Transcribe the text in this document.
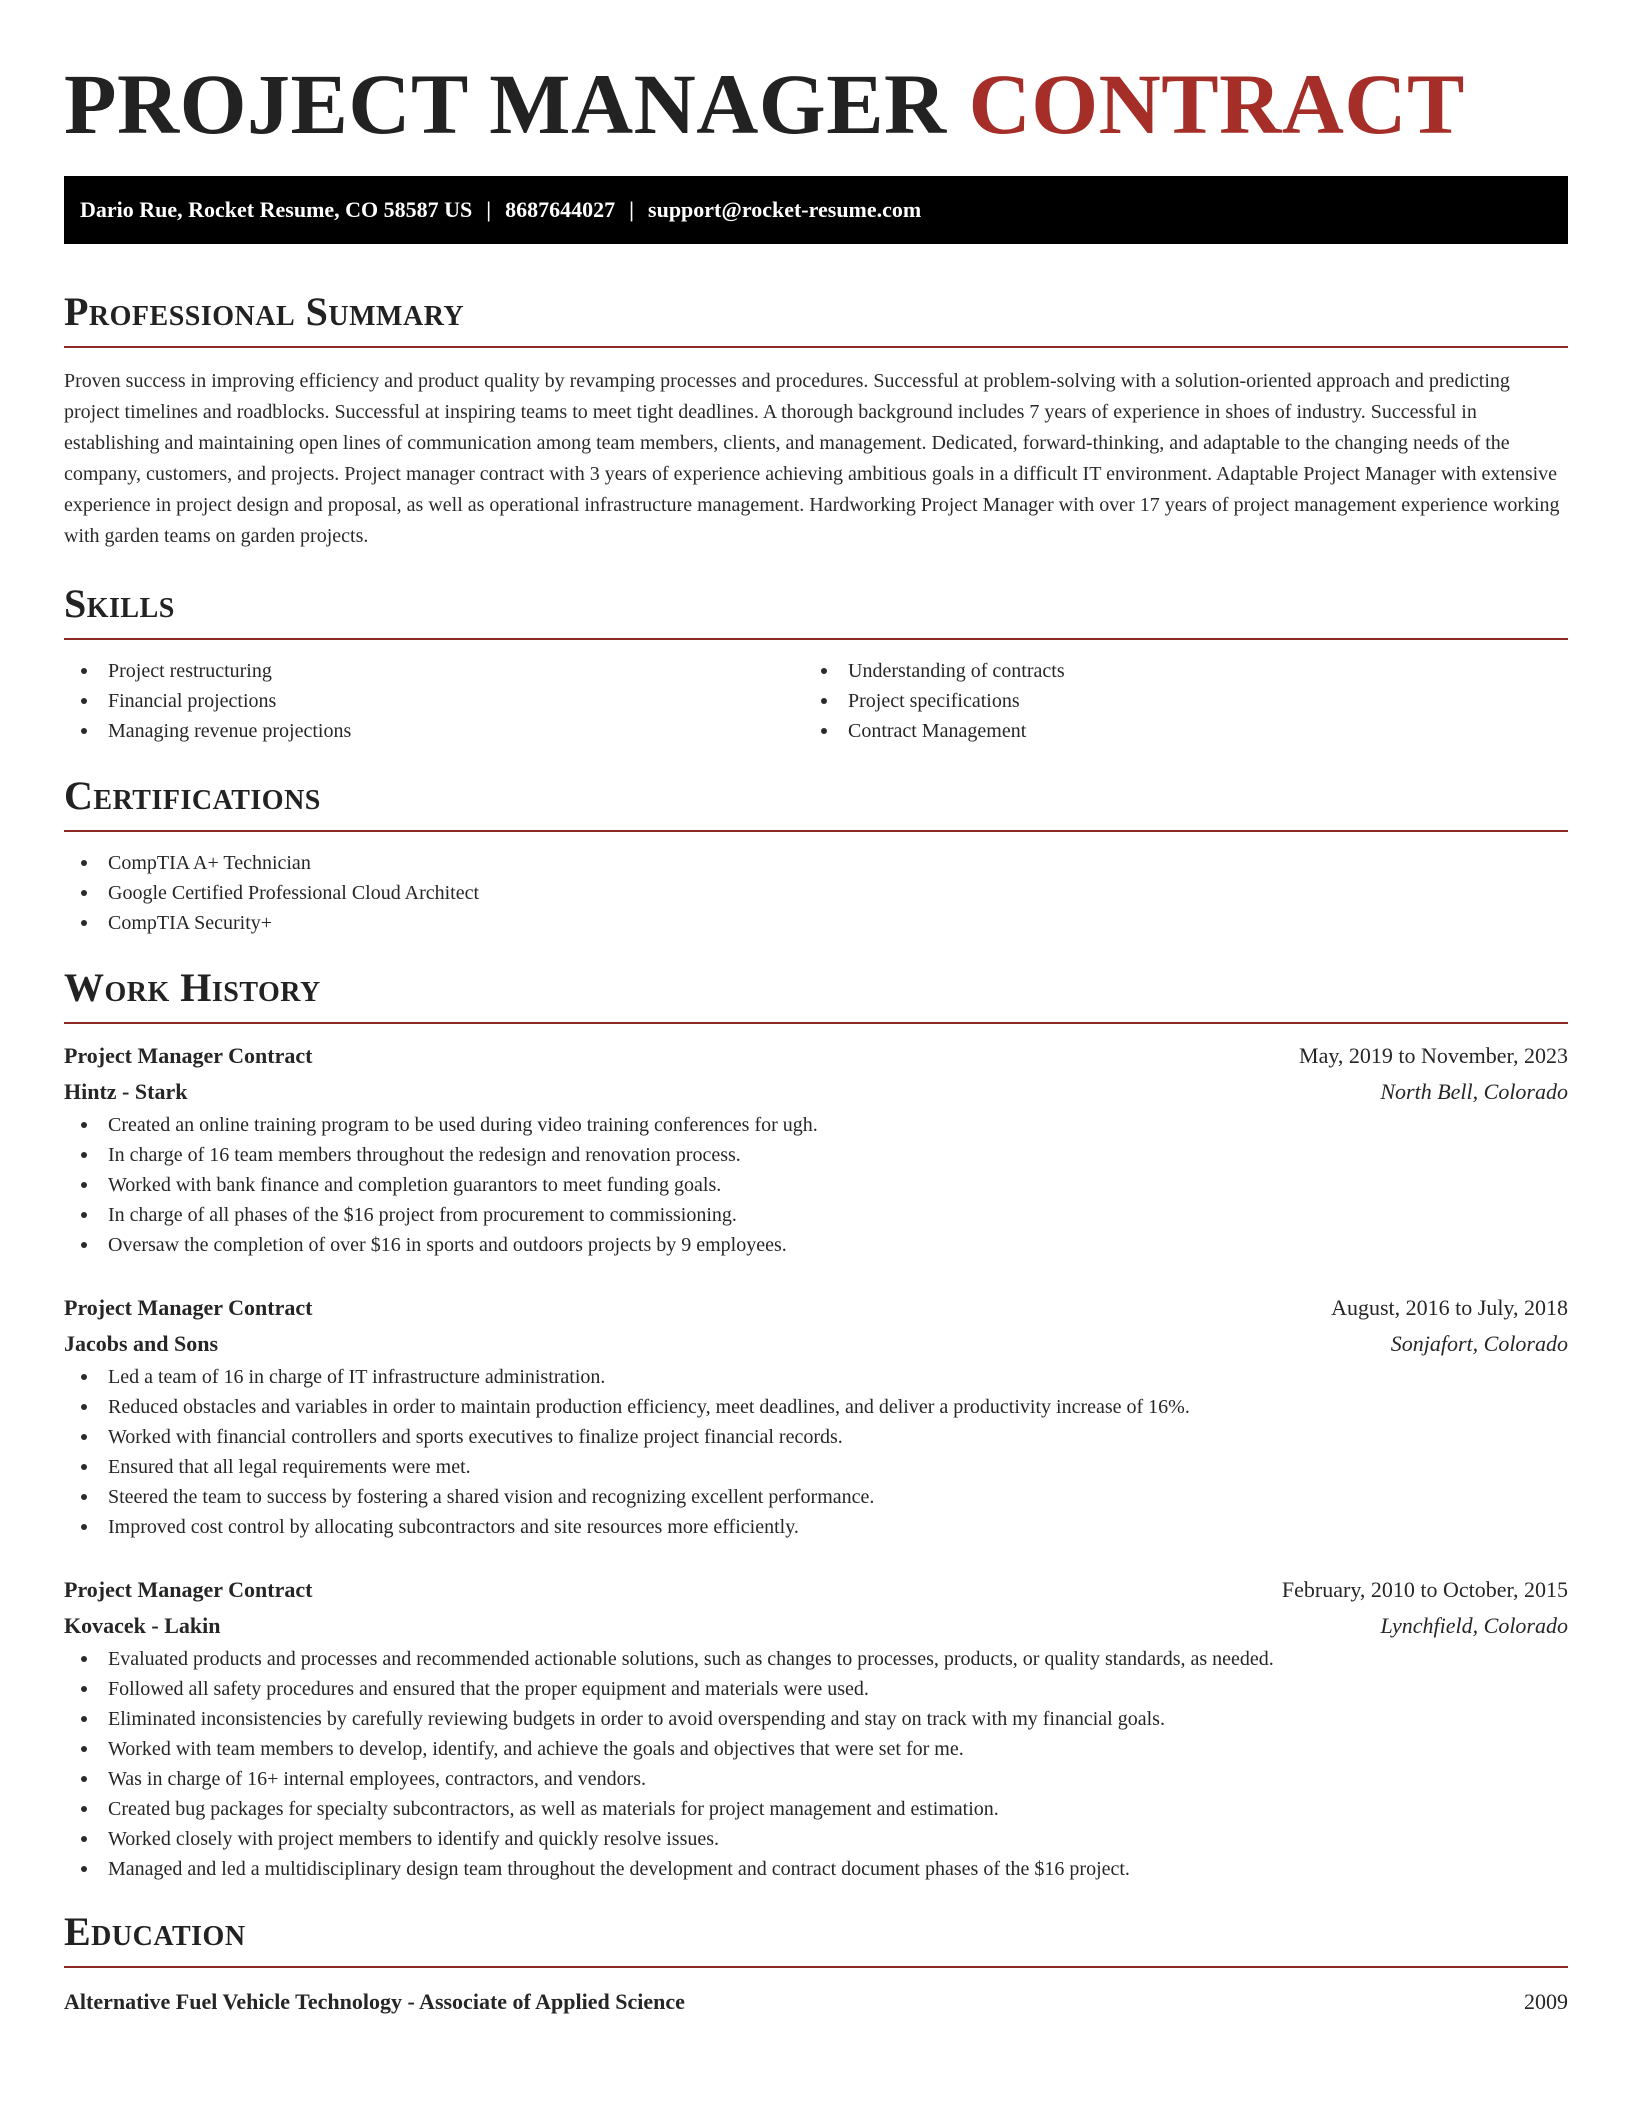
PROJECT MANAGER CONTRACT
Dario Rue, Rocket Resume, CO 58587 US | 8687644027 | support@rocket-resume.com
Professional Summary

Proven success in improving efficiency and product quality by revamping processes and procedures. Successful at problem-solving with a solution-oriented approach and predicting project timelines and roadblocks. Successful at inspiring teams to meet tight deadlines. A thorough background includes 7 years of experience in shoes of industry. Successful in establishing and maintaining open lines of communication among team members, clients, and management. Dedicated, forward-thinking, and adaptable to the changing needs of the company, customers, and projects. Project manager contract with 3 years of experience achieving ambitious goals in a difficult IT environment. Adaptable Project Manager with extensive experience in project design and proposal, as well as operational infrastructure management. Hardworking Project Manager with over 17 years of project management experience working with garden teams on garden projects.

Skills
Project restructuring
Financial projections
Managing revenue projections
Understanding of contracts
Project specifications
Contract Management
Certifications
CompTIA A+ Technician
Google Certified Professional Cloud Architect
CompTIA Security+
Work History
Project Manager Contract	May, 2019 to November, 2023
Hintz - Stark	North Bell, Colorado
Created an online training program to be used during video training conferences for ugh.
In charge of 16 team members throughout the redesign and renovation process.
Worked with bank finance and completion guarantors to meet funding goals.
In charge of all phases of the $16 project from procurement to commissioning.
Oversaw the completion of over $16 in sports and outdoors projects by 9 employees.
Project Manager Contract	August, 2016 to July, 2018
Jacobs and Sons	Sonjafort, Colorado
Led a team of 16 in charge of IT infrastructure administration.
Reduced obstacles and variables in order to maintain production efficiency, meet deadlines, and deliver a productivity increase of 16%.
Worked with financial controllers and sports executives to finalize project financial records.
Ensured that all legal requirements were met.
Steered the team to success by fostering a shared vision and recognizing excellent performance.
Improved cost control by allocating subcontractors and site resources more efficiently.
Project Manager Contract	February, 2010 to October, 2015
Kovacek - Lakin	Lynchfield, Colorado
Evaluated products and processes and recommended actionable solutions, such as changes to processes, products, or quality standards, as needed.
Followed all safety procedures and ensured that the proper equipment and materials were used.
Eliminated inconsistencies by carefully reviewing budgets in order to avoid overspending and stay on track with my financial goals.
Worked with team members to develop, identify, and achieve the goals and objectives that were set for me.
Was in charge of 16+ internal employees, contractors, and vendors.
Created bug packages for specialty subcontractors, as well as materials for project management and estimation.
Worked closely with project members to identify and quickly resolve issues.
Managed and led a multidisciplinary design team throughout the development and contract document phases of the $16 project.
Education
Alternative Fuel Vehicle Technology - Associate of Applied Science	2009
